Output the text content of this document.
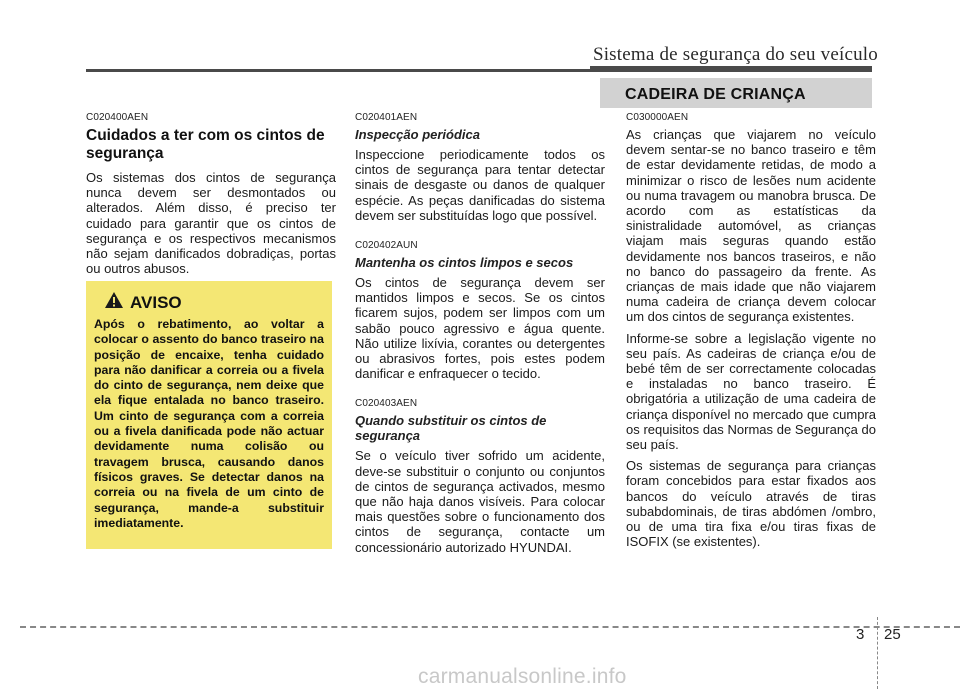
Sistema de segurança do seu veículo

C020400AEN

Cuidados a ter com os cintos de segurança

Os sistemas dos cintos de segurança nunca devem ser desmontados ou alterados. Além disso, é preciso ter cuidado para garantir que os cintos de segurança e os respectivos mecanismos não sejam danificados dobradiças, portas ou outros abusos.

AVISO
Após o rebatimento, ao voltar a colocar o assento do banco traseiro na posição de encaixe, tenha cuidado para não danificar a correia ou a fivela do cinto de segurança, nem deixe que ela fique entalada no banco traseiro. Um cinto de segurança com a correia ou a fivela danificada pode não actuar devidamente numa colisão ou travagem brusca, causando danos físicos graves. Se detectar danos na correia ou na fivela de um cinto de segurança, mande-a substituir imediatamente.

C020401AEN

Inspecção periódica

Inspeccione periodicamente todos os cintos de segurança para tentar detectar sinais de desgaste ou danos de qualquer espécie. As peças danificadas do sistema devem ser substituídas logo que possível.

C020402AUN

Mantenha os cintos limpos e secos

Os cintos de segurança devem ser mantidos limpos e secos. Se os cintos ficarem sujos, podem ser limpos com um sabão pouco agressivo e água quente. Não utilize lixívia, corantes ou detergentes ou abrasivos fortes, pois estes podem danificar e enfraquecer o tecido.

C020403AEN

Quando substituir os cintos de segurança

Se o veículo tiver sofrido um acidente, deve-se substituir o conjunto ou conjuntos de cintos de segurança activados, mesmo que não haja danos visíveis. Para colocar mais questões sobre o funcionamento dos cintos de segurança, contacte um concessionário autorizado HYUNDAI.

CADEIRA DE CRIANÇA

C030000AEN

As crianças que viajarem no veículo devem sentar-se no banco traseiro e têm de estar devidamente retidas, de modo a minimizar o risco de lesões num acidente ou numa travagem ou manobra brusca. De acordo com as estatísticas da sinistralidade automóvel, as crianças viajam mais seguras quando estão devidamente nos bancos traseiros, e não no banco do passageiro da frente. As crianças de mais idade que não viajarem numa cadeira de criança devem colocar um dos cintos de segurança existentes.

Informe-se sobre a legislação vigente no seu país. As cadeiras de criança e/ou de bebé têm de ser correctamente colocadas e instaladas no banco traseiro. É obrigatória a utilização de uma cadeira de criança disponível no mercado que cumpra os requisitos das Normas de Segurança do seu país.

Os sistemas de segurança para crianças foram concebidos para estar fixados aos bancos do veículo através de tiras subabdominais, de tiras abdómen /ombro, ou de uma tira fixa e/ou tiras fixas de ISOFIX (se existentes).

3 25
carmanualsonline.info
